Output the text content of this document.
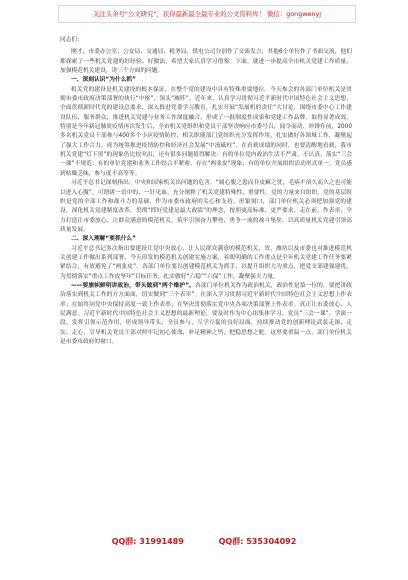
关注头条号"公文研究"，获得最新最全最专业的公文资料库！ 微信：gongwenyj

同志们：

刚才，市委办公室、公安局、交通局、税务局、供电公司分别作了交流发言，其他6个单位作了书面交流，他们都探索了一些机关党建的好经验、好做法，希望大家认真学习借鉴。下面，就进一步提高全市机关党建工作质量、加强模范机关建设，讲三个方面的问题。

一、深刻认识“为什么抓”

机关党的建设是机关建设的根本保证，在整个党的建设中具有特殊重要地位。今天参会的各部门单位机关是贯彻市委市政府决策部署的执行“中枢”、领头“雁阵”。近年来，认真学习贯彻习近平新时代中国特色社会主义思想，全面贯彻新时代党的建设总要求，深入推进党委学习教育，扎实开展“发展机的责任”大讨论，围绕市委中心工作建设队伍，服务群众，推进机关党建与业务工作深度融合，形成了一批制度性成果和党建工作品牌，取得显著成效。特别是今年新冠肺炎疫情再次发生后，全市机关党组织和党员干部坚决响应市委号召，闻令而动、冲锋在前，2000多名机关党员干部参与400多个小区疫情防控，相关职能部门党组织充分发挥作用，扎实做好各领域工作，凝聚起了强大工作合力，成为统筹推进疫情防控和经济社会发展“中流砥柱”。在看到成绩的同时，也要清醒地看到，我市机关党建“灯下黑”的现象仍比较突出，还有很多问题值得解决：有的单位党内政治生活不严肃、不认真，落实“三会一课”不规范；有的单位党建和业务工作结合不紧密，存在“两张皮”现象；有的单位开展组织活动形式单一，党员感到枯燥乏味，参与度不高等等。

习近平总书记深刻指出，中央和国家机关出问题的危害，“属心腹之患而非皮癣之忧，毛病不治久而久之也可能以进入心腹”。可谓诸一语中的、一针见血，充分阐释了机关党建特殊性、重要性。党的力量来自组织，党的基层组织是党的全部工作和战斗力的基础，作为市委市政府的关心和支持，形象窗口，部门单位机关必须把加强党的建设，深化机关党建制度改革，贯彻“抓好党建是最大政绩”的理念，按照更高标准、更严要求，走在前，作表率，全力打造让市委放心、让群众满意的模范机关，筑牢引领奋力攀登、勇争一流的战斗堡垒，以高质量机关党建引领高质量发展。

二、深入理解“要抓什么”

习近平总书记多次指出要建设让党中央放心、让人民群众满意的模范机关，省、潍坊以及市委也对推进模范机关创建工作做出系列部署。今天印发的模范机关创建实施方案，着眼明确的工作重点是全年机关党建工作任务要紧紧结合，有效避免了“两张皮”。各部门单位要以创建模范机关为抓手，以提升组织力为重点，把党支部建强建优，为贯彻落实“重点工作攻坚年”目标任务，扎实做好“六稳”“六保”工作，凝聚强大力量。

——要旗帜鲜明讲政治，带头做到“两个维护”。各部门单位机关作为政治机关，政治性是第一位的，要把讲政治落实到机关工作的方方面面，切实做到“三个表率”。在深入学习贯彻习近平新时代中国特色社会主义思想上作表率；在始终同党中央保持高度一致上作表率；在坚决贯彻落实党中央各项决策部署上作表率。真正让市委放心、人民满意。习近平新时代中国特色社会主义思想的最新理论，要及时作为中心组集体学习、党员“三会一课”、学深一段、发挥引领示范作用，形成领导带头、全员参与、互学互促的良好局面，持续推动党的创新理论武装走深、走实、走心，引导机关党员干部对照牢记初心使命，补足精神之钙，把稳思想之舵。这里要重温一点，部门单位机关是市委市政府的窗口。

QQ群: 31991489	QQ群: 535304092
